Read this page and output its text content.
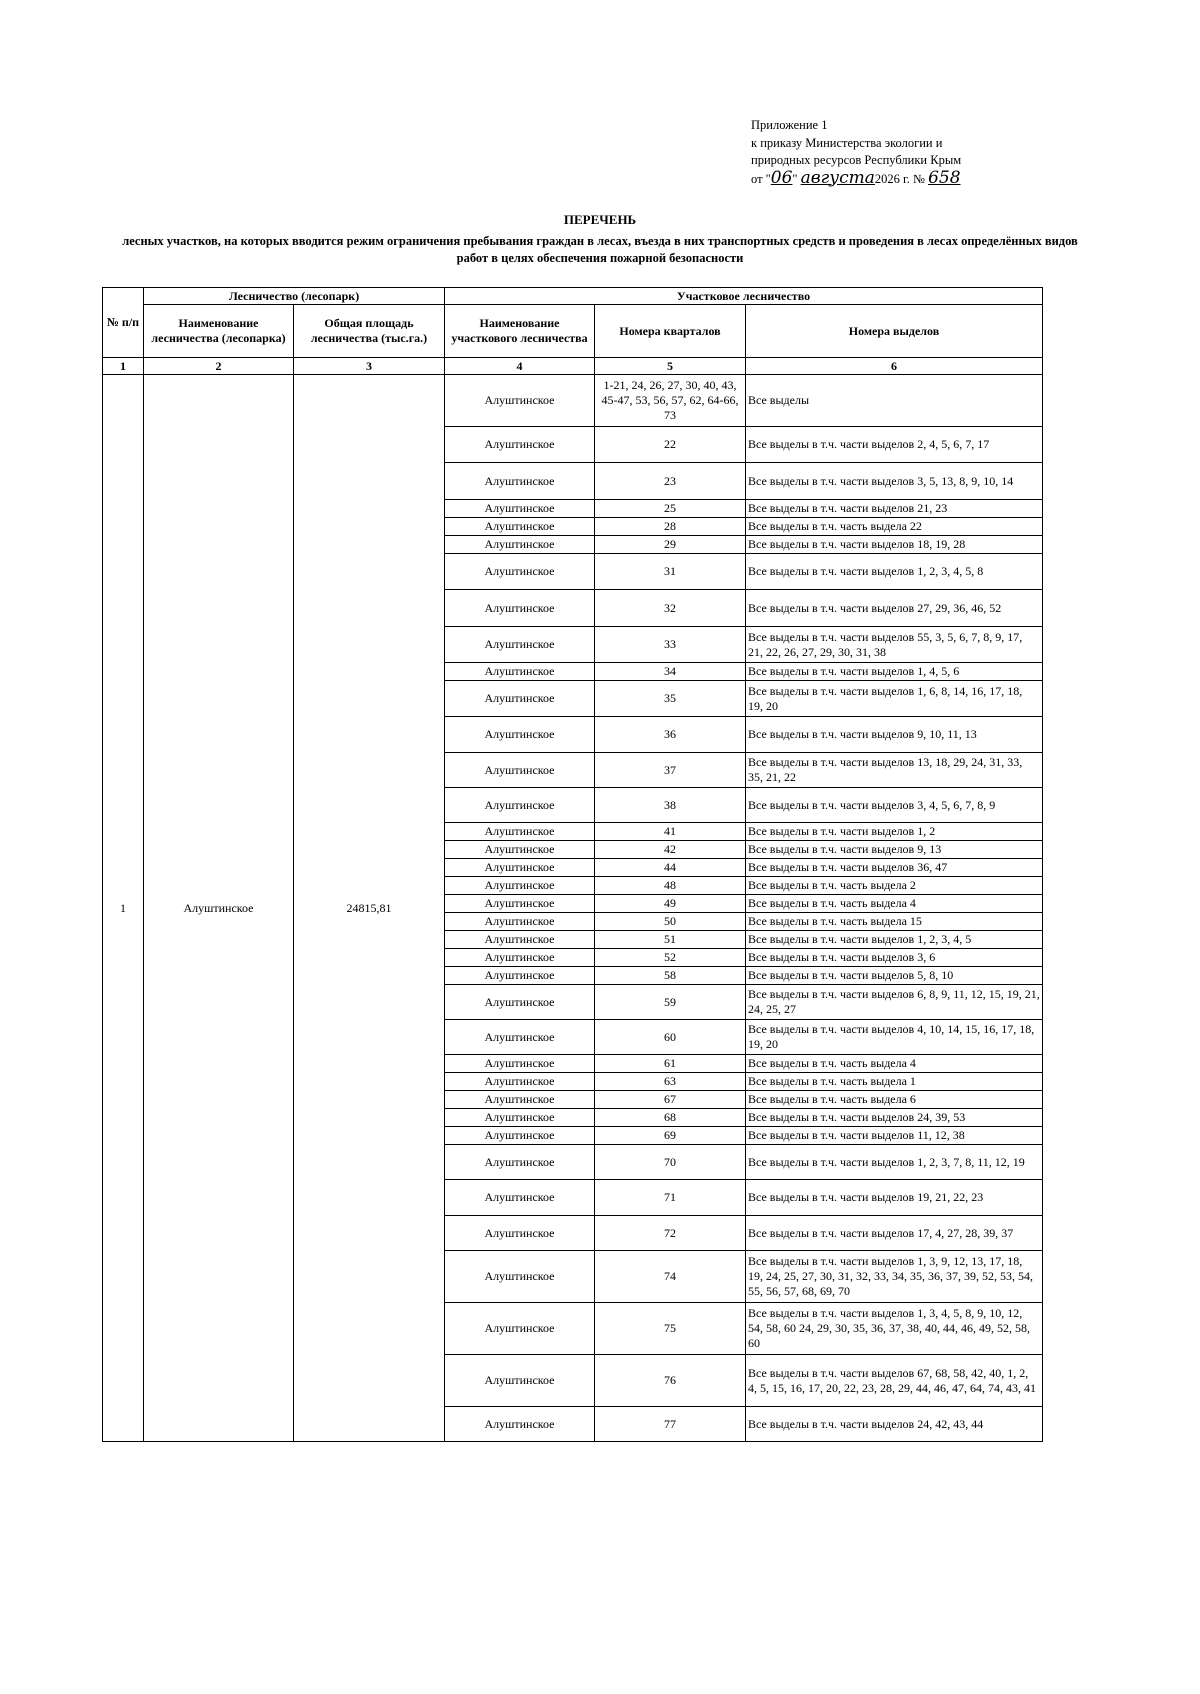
Приложение 1
к приказу Министерства экологии и
природных ресурсов Республики Крым
от "06" августа2026 г. № 658
ПЕРЕЧЕНЬ
лесных участков, на которых вводится режим ограничения пребывания граждан в лесах, въезда в них транспортных средств и проведения в лесах определённых видов работ в целях обеспечения пожарной безопасности
№ п/п	Лесничество (лесопарк)		Участковое лесничество		
	Наименование лесничества (лесопарка)	Общая площадь лесничества (тыс.га.)	Наименование участкового лесничества	Номера кварталов	Номера выделов
1	2	3	4	5	6
1	Алуштинское	24815,81	Алуштинское	1-21, 24, 26, 27, 30, 40, 43, 45-47, 53, 56, 57, 62, 64-66, 73	Все выделы
			Алуштинское	22	Все выделы в т.ч. части выделов 2, 4, 5, 6, 7, 17
			Алуштинское	23	Все выделы в т.ч. части выделов 3, 5, 13, 8, 9, 10, 14
			Алуштинское	25	Все выделы в т.ч. части выделов 21, 23
			Алуштинское	28	Все выделы в т.ч. часть выдела 22
			Алуштинское	29	Все выделы в т.ч. части выделов 18, 19, 28
			Алуштинское	31	Все выделы в т.ч. части выделов 1, 2, 3, 4, 5, 8
			Алуштинское	32	Все выделы в т.ч. части выделов 27, 29, 36, 46, 52
			Алуштинское	33	Все выделы в т.ч. части выделов 55, 3, 5, 6, 7, 8, 9, 17, 21, 22, 26, 27, 29, 30, 31, 38
			Алуштинское	34	Все выделы в т.ч. части выделов 1, 4, 5, 6
			Алуштинское	35	Все выделы в т.ч. части выделов 1, 6, 8, 14, 16, 17, 18, 19, 20
			Алуштинское	36	Все выделы в т.ч. части выделов 9, 10, 11, 13
			Алуштинское	37	Все выделы в т.ч. части выделов 13, 18, 29, 24, 31, 33, 35, 21, 22
			Алуштинское	38	Все выделы в т.ч. части выделов 3, 4, 5, 6, 7, 8, 9
			Алуштинское	41	Все выделы в т.ч. части выделов 1, 2
			Алуштинское	42	Все выделы в т.ч. части выделов 9, 13
			Алуштинское	44	Все выделы в т.ч. части выделов 36, 47
			Алуштинское	48	Все выделы в т.ч. часть выдела 2
			Алуштинское	49	Все выделы в т.ч. часть выдела 4
			Алуштинское	50	Все выделы в т.ч. часть выдела 15
			Алуштинское	51	Все выделы в т.ч. части выделов 1, 2, 3, 4, 5
			Алуштинское	52	Все выделы в т.ч. части выделов 3, 6
			Алуштинское	58	Все выделы в т.ч. части выделов 5, 8, 10
			Алуштинское	59	Все выделы в т.ч. части выделов 6, 8, 9, 11, 12, 15, 19, 21, 24, 25, 27
			Алуштинское	60	Все выделы в т.ч. части выделов 4, 10, 14, 15, 16, 17, 18, 19, 20
			Алуштинское	61	Все выделы в т.ч. часть выдела 4
			Алуштинское	63	Все выделы в т.ч. часть выдела 1
			Алуштинское	67	Все выделы в т.ч. часть выдела 6
			Алуштинское	68	Все выделы в т.ч. части выделов 24, 39, 53
			Алуштинское	69	Все выделы в т.ч. части выделов 11, 12, 38
			Алуштинское	70	Все выделы в т.ч. части выделов 1, 2, 3, 7, 8, 11, 12, 19
			Алуштинское	71	Все выделы в т.ч. части выделов 19, 21, 22, 23
			Алуштинское	72	Все выделы в т.ч. части выделов 17, 4, 27, 28, 39, 37
			Алуштинское	74	Все выделы в т.ч. части выделов 1, 3, 9, 12, 13, 17, 18, 19, 24, 25, 27, 30, 31, 32, 33, 34, 35, 36, 37, 39, 52, 53, 54, 55, 56, 57, 68, 69, 70
			Алуштинское	75	Все выделы в т.ч. части выделов 1, 3, 4, 5, 8, 9, 10, 12, 54, 58, 60 24, 29, 30, 35, 36, 37, 38, 40, 44, 46, 49, 52, 58, 60
			Алуштинское	76	Все выделы в т.ч. части выделов 67, 68, 58, 42, 40, 1, 2, 4, 5, 15, 16, 17, 20, 22, 23, 28, 29, 44, 46, 47, 64, 74, 43, 41
			Алуштинское	77	Все выделы в т.ч. части выделов 24, 42, 43, 44
